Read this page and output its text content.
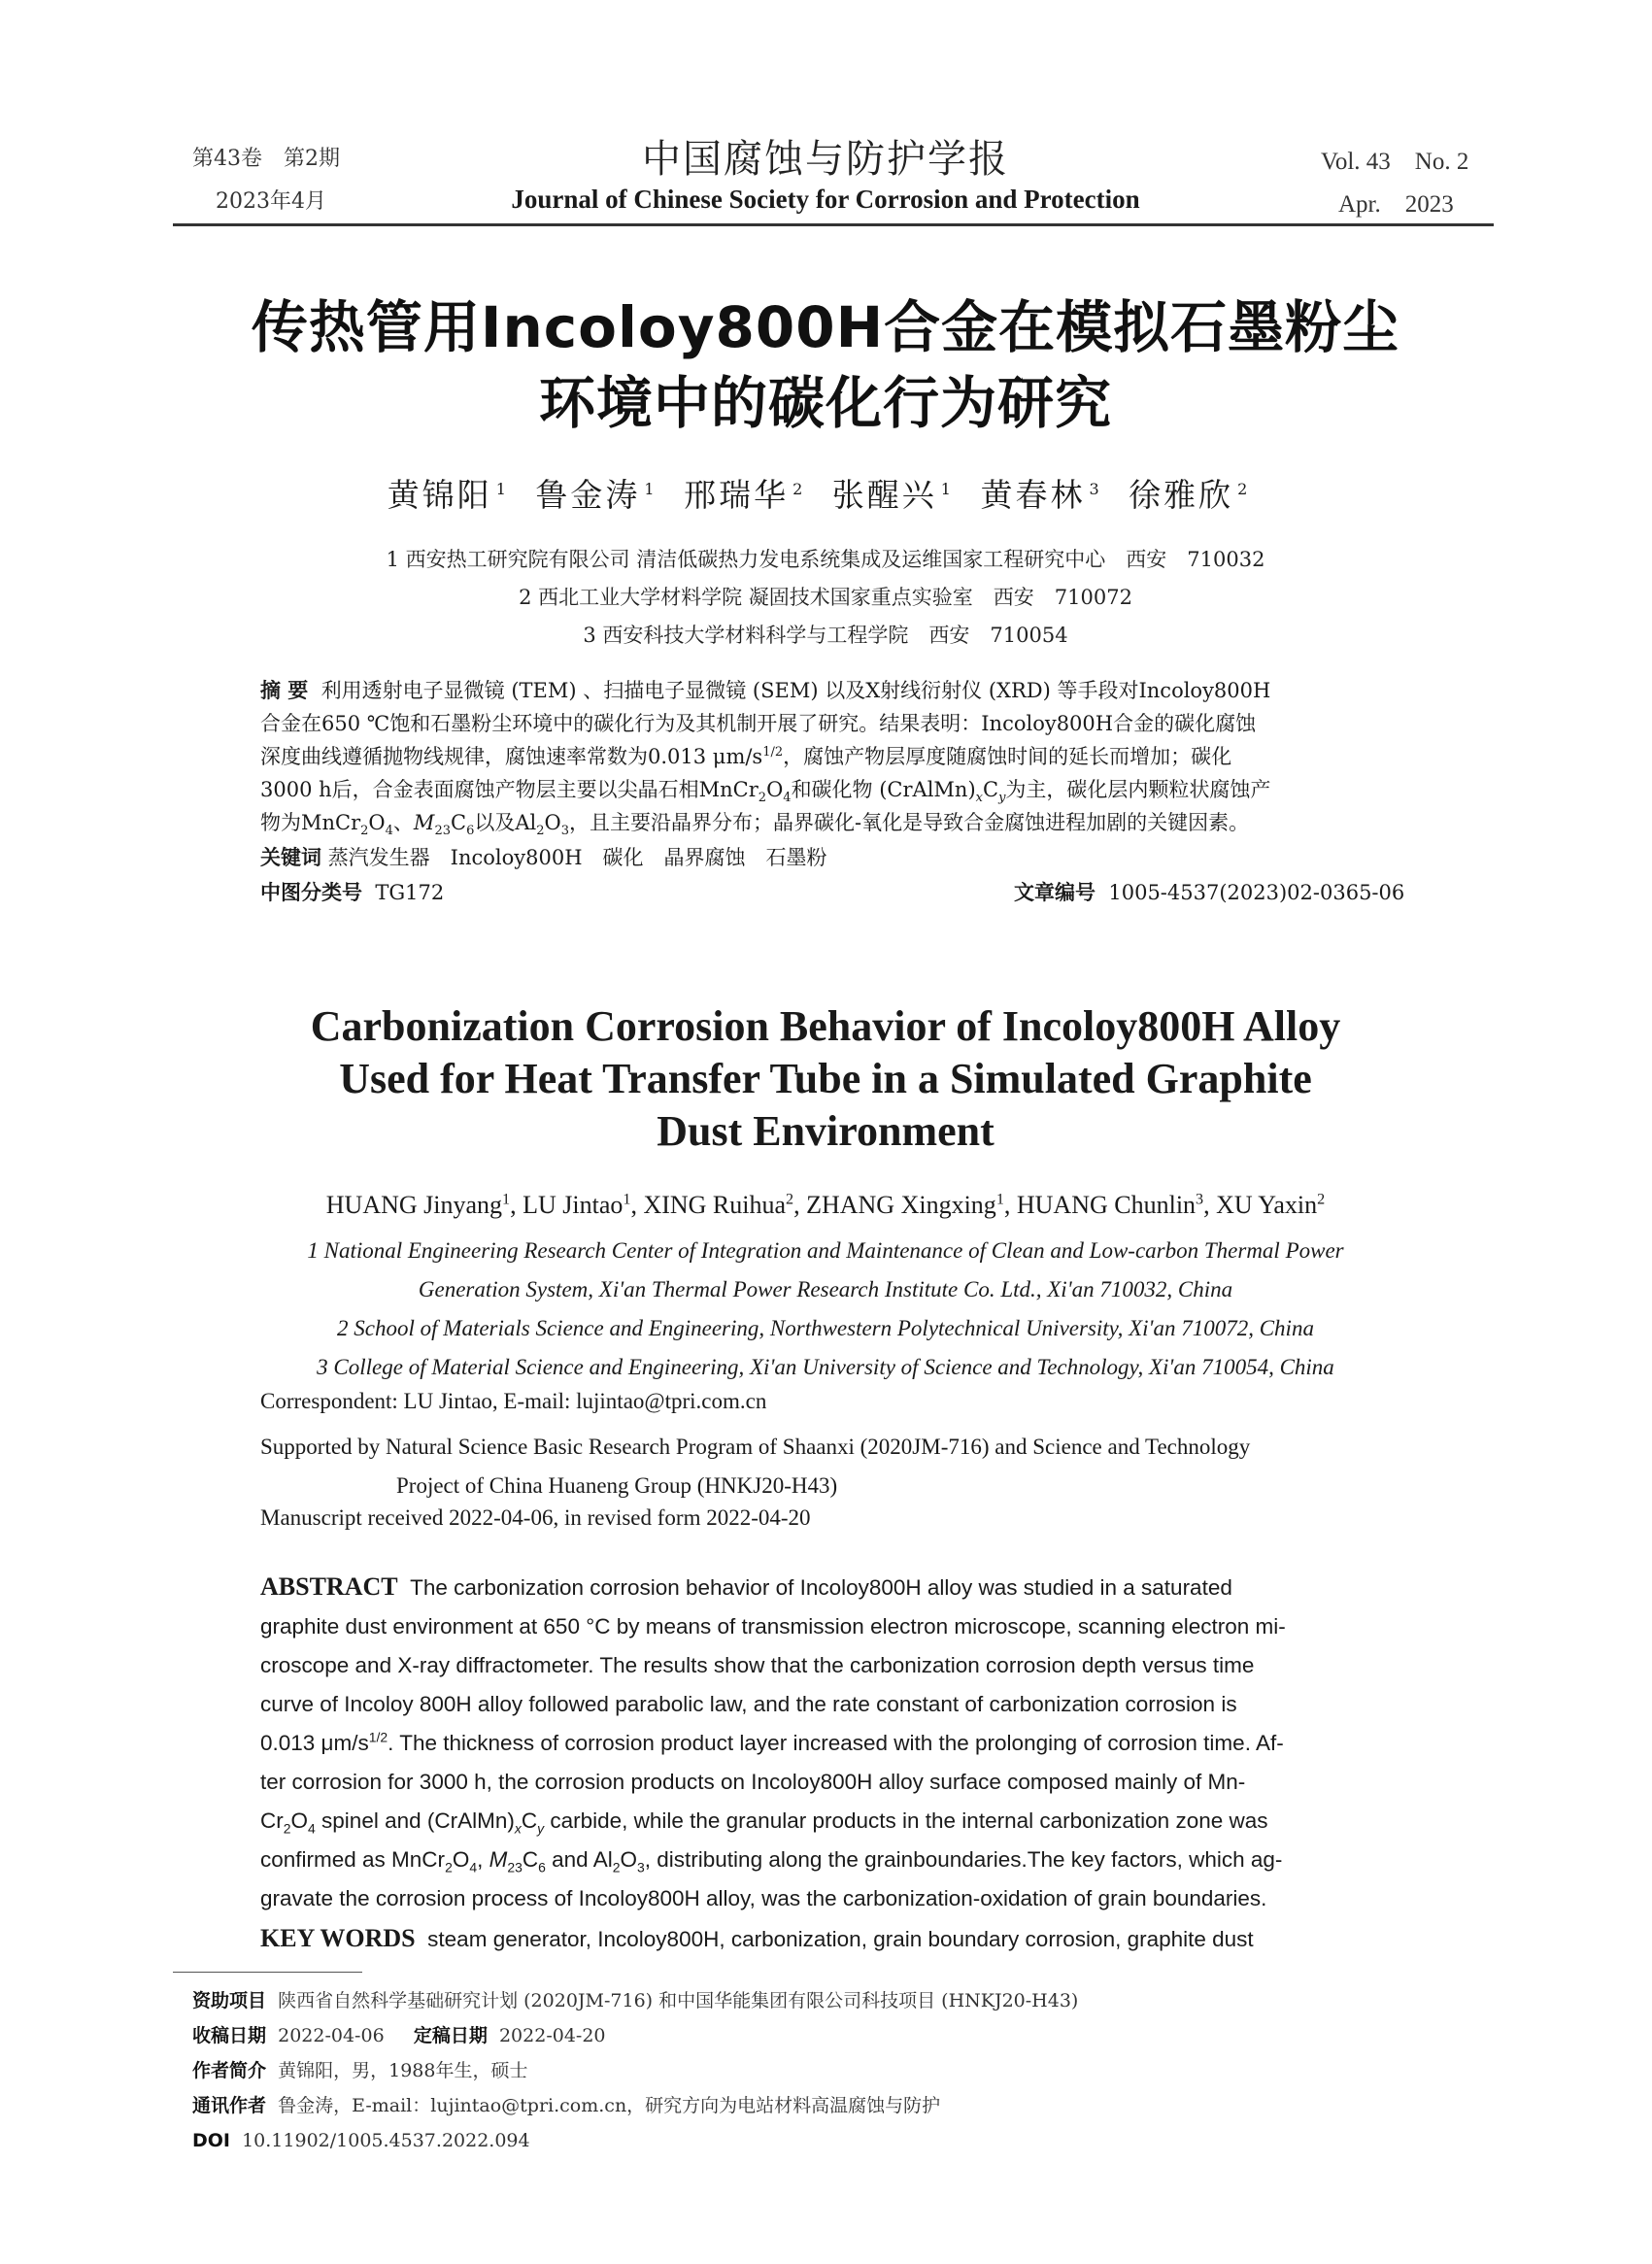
第43卷　第2期
2023年4月
中国腐蚀与防护学报
Journal of Chinese Society for Corrosion and Protection
Vol. 43　No. 2
Apr.　2023
传热管用Incoloy800H合金在模拟石墨粉尘
环境中的碳化行为研究
黄锦阳 $^1$ 鲁金涛 $^1$ 邢瑞华 $^2$ 张醒兴 $^1$ 黄春林 $^3$ 徐雅欣 $^2$
1 西安热工研究院有限公司 清洁低碳热力发电系统集成及运维国家工程研究中心　西安　710032
2 西北工业大学材料学院 凝固技术国家重点实验室　西安　710072
3 西安科技大学材料科学与工程学院　西安　710054
摘 要 利用透射电子显微镜 (TEM) 、扫描电子显微镜 (SEM) 以及X射线衍射仪 (XRD) 等手段对Incoloy800H
合金在650 ℃饱和石墨粉尘环境中的碳化行为及其机制开展了研究。结果表明：Incoloy800H合金的碳化腐蚀
深度曲线遵循抛物线规律，腐蚀速率常数为0.013 $\mu m/s^{1/2}$，腐蚀产物层厚度随腐蚀时间的延长而增加；碳化
3000 h后，合金表面腐蚀产物层主要以尖晶石相$MnCr_2O_4$和碳化物 $(CrAlMn)_xC_y$为主，碳化层内颗粒状腐蚀产
物为$MnCr_2O_4$、$M_{23}C_6$以及$Al_2O_3$，且主要沿晶界分布；晶界碳化-氧化是导致合金腐蚀进程加剧的关键因素。
关键词 蒸汽发生器　Incoloy800H　碳化　晶界腐蚀　石墨粉
中图分类号 TG172	文章编号 1005-4537(2023)02-0365-06
Carbonization Corrosion Behavior of Incoloy800H Alloy
Used for Heat Transfer Tube in a Simulated Graphite
Dust Environment
HUANG Jinyang$^1$, LU Jintao$^1$, XING Ruihua$^2$, ZHANG Xingxing$^1$, HUANG Chunlin$^3$, XU Yaxin$^2$
1 National Engineering Research Center of Integration and Maintenance of Clean and Low-carbon Thermal Power
Generation System, Xi'an Thermal Power Research Institute Co. Ltd., Xi'an 710032, China
2 School of Materials Science and Engineering, Northwestern Polytechnical University, Xi'an 710072, China
3 College of Material Science and Engineering, Xi'an University of Science and Technology, Xi'an 710054, China
Correspondent: LU Jintao, E-mail: lujintao@tpri.com.cn
Supported by Natural Science Basic Research Program of Shaanxi (2020JM-716) and Science and Technology
Project of China Huaneng Group (HNKJ20-H43)
Manuscript received 2022-04-06, in revised form 2022-04-20
ABSTRACT The carbonization corrosion behavior of Incoloy800H alloy was studied in a saturated
graphite dust environment at 650 °C by means of transmission electron microscope, scanning electron mi-
croscope and X-ray diffractometer. The results show that the carbonization corrosion depth versus time
curve of Incoloy 800H alloy followed parabolic law, and the rate constant of carbonization corrosion is
0.013 $\mu m/s^{1/2}$. The thickness of corrosion product layer increased with the prolonging of corrosion time. Af-
ter corrosion for 3000 h, the corrosion products on Incoloy800H alloy surface composed mainly of Mn-
$Cr_2O_4$ spinel and $(CrAlMn)_xC_y$ carbide, while the granular products in the internal carbonization zone was
confirmed as $MnCr_2O_4$, $M_{23}C_6$ and $Al_2O_3$, distributing along the grainboundaries.The key factors, which ag-
gravate the corrosion process of Incoloy800H alloy, was the carbonization-oxidation of grain boundaries.
KEY WORDS steam generator, Incoloy800H, carbonization, grain boundary corrosion, graphite dust
资助项目 陕西省自然科学基础研究计划 (2020JM-716) 和中国华能集团有限公司科技项目 (HNKJ20-H43)
收稿日期 2022-04-06 定稿日期 2022-04-20
作者简介 黄锦阳，男，1988年生，硕士
通讯作者 鲁金涛，E-mail：lujintao@tpri.com.cn，研究方向为电站材料高温腐蚀与防护
DOI 10.11902/1005.4537.2022.094
